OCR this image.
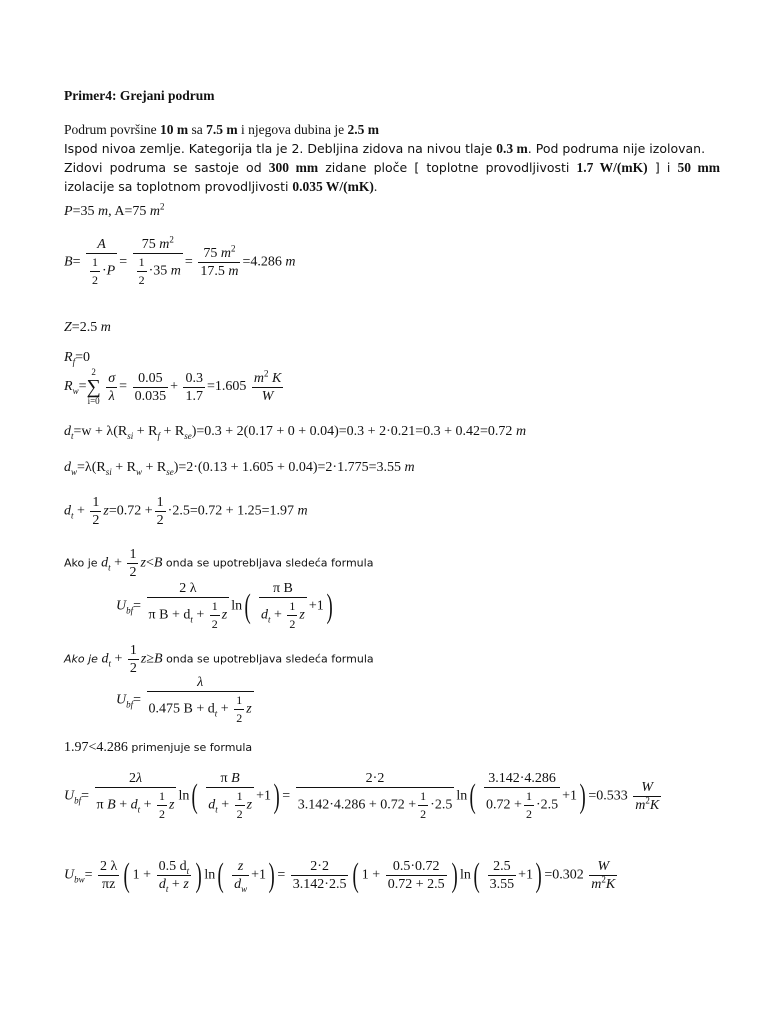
Primer4: Grejani podrum
Podrum površine 10 m sa 7.5 m i njegova dubina je 2.5 m
Ispod nivoa zemlje. Kategorija tla je 2. Debljina zidova na nivou tlaje 0.3 m. Pod podruma nije izolovan.
Zidovi podruma se sastoje od 300 mm zidane ploče [ toplotne provodljivosti 1.7 W/(mK) ] i 50 mm
izolacije sa toplotnom provodljivosti 0.035 W/(mK).
P=35 m, A=75 $m^2$
$B= \frac{A}{\frac{1}{2} \cdot P} = \frac{75 m^2}{\frac{1}{2} \cdot 35 m} = \frac{75 m^2}{17.5 m} =4.286$ m
Z=2.5 m
$R_f=0$
$R_w=2$
∑
$i=0 \frac{\sigma}{\lambda} = \frac{0.05}{0.035} + \frac{0.3}{1.7} =1.605 \frac{m^2 K}{W}$
$d_t=w + \lambda(R_{si} + R_f + R_{se})=0.3 + 2(0.17 + 0 + 0.04)=0.3 + 2\cdot 0.21=0.3 + 0.42=0.72$ m
$d_w=\lambda(R_{si} + R_w + R_{se})=2\cdot(0.13 + 1.605 + 0.04)=2\cdot 1.775=3.55$ m
$d_t + \frac{1}{2} z=0.72 + \frac{1}{2} \cdot 2.5=0.72 + 1.25=1.97$ m
Ako je $d_t + \frac{1}{2} z<B$ onda se upotrebljava sledeća formula
$U_{bf}= \frac{2 \lambda}{\pi B + d_t + \frac{1}{2} z} \ln( \frac{\text{π B}}{d_t + \frac{1}{2} z} +1)$
Ako je $d_t + \frac{1}{2} z\ge B$ onda se upotrebljava sledeća formula
$U_{bf}= \frac{\lambda}{0.475 B + d_t + \frac{1}{2} z}$
1.97<4.286 primenjuje se formula
$U_{bf}= \frac{2\lambda}{\pi B + d_t + \frac{1}{2} z} \ln( \frac{\text{π B}}{d_t + \frac{1}{2} z} +1) = \frac{2\cdot 2}{3.142\cdot 4.286 + 0.72 + \frac{1}{2} \cdot 2.5} \ln( \frac{3.142\cdot 4.286}{0.72 + \frac{1}{2} \cdot 2.5} +1) =0.533 \frac{W}{m^2K}$
$U_{bw}= \frac{2 \lambda}{\pi z}$ ( $1 + \frac{0.5 d_t}{d_t + z}$ ) $\ln( \frac{z}{d_w} +1) = \frac{2\cdot 2}{3.142\cdot 2.5}$ ( $1 + \frac{0.5\cdot 0.72}{0.72 + 2.5}$ ) $\ln( \frac{2.5}{3.55} +1) =0.302 \frac{W}{m^2K}$
